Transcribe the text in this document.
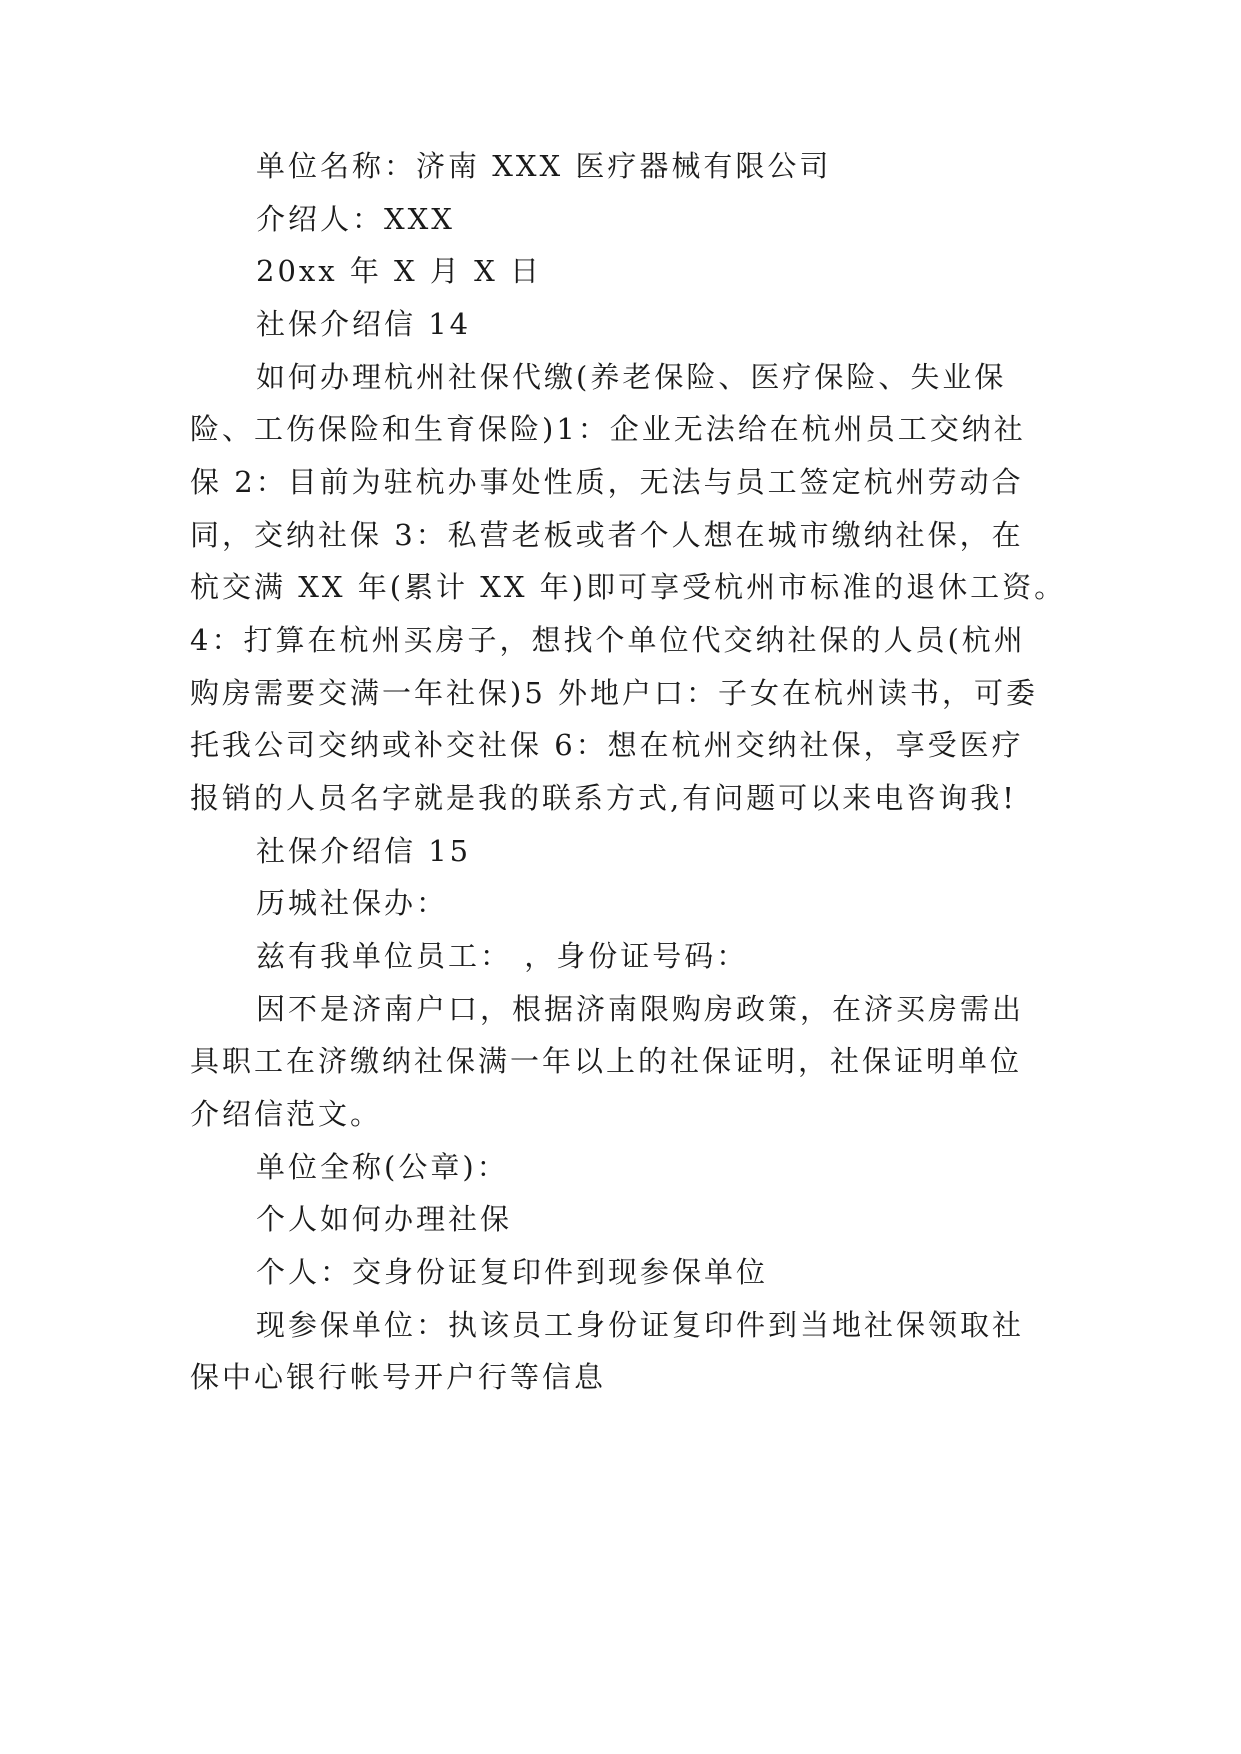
单位名称：济南 XXX 医疗器械有限公司
介绍人：XXX
20xx 年 X 月 X 日
社保介绍信 14
如何办理杭州社保代缴(养老保险、医疗保险、失业保
险、工伤保险和生育保险)1：企业无法给在杭州员工交纳社
保 2：目前为驻杭办事处性质，无法与员工签定杭州劳动合
同，交纳社保 3：私营老板或者个人想在城市缴纳社保，在
杭交满 XX 年(累计 XX 年)即可享受杭州市标准的退休工资。
4：打算在杭州买房子，想找个单位代交纳社保的人员(杭州
购房需要交满一年社保)5 外地户口：子女在杭州读书，可委
托我公司交纳或补交社保 6：想在杭州交纳社保，享受医疗
报销的人员名字就是我的联系方式,有问题可以来电咨询我!
社保介绍信 15
历城社保办：
兹有我单位员工： ，身份证号码：
因不是济南户口，根据济南限购房政策，在济买房需出
具职工在济缴纳社保满一年以上的社保证明，社保证明单位
介绍信范文。
单位全称(公章)：
个人如何办理社保
个人：交身份证复印件到现参保单位
现参保单位：执该员工身份证复印件到当地社保领取社
保中心银行帐号开户行等信息
